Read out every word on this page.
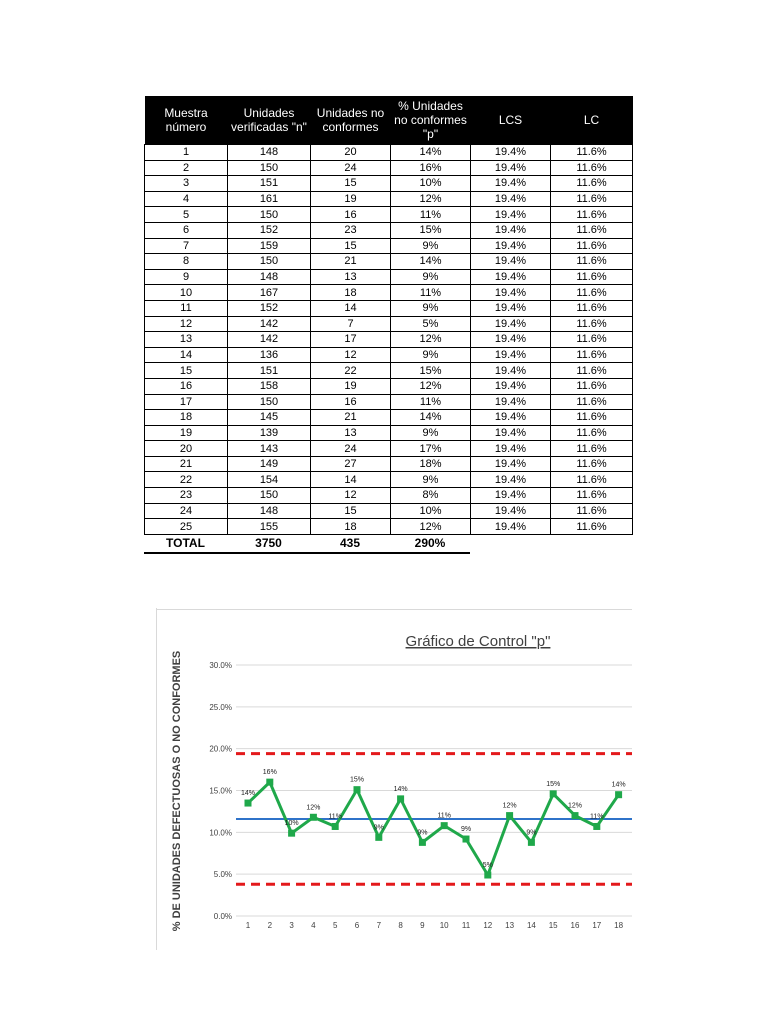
Muestra número	Unidades verificadas "n"	Unidades no conformes	% Unidades no conformes "p"	LCS	LC
1	148	20	14%	19.4%	11.6%
2	150	24	16%	19.4%	11.6%
3	151	15	10%	19.4%	11.6%
4	161	19	12%	19.4%	11.6%
5	150	16	11%	19.4%	11.6%
6	152	23	15%	19.4%	11.6%
7	159	15	9%	19.4%	11.6%
8	150	21	14%	19.4%	11.6%
9	148	13	9%	19.4%	11.6%
10	167	18	11%	19.4%	11.6%
11	152	14	9%	19.4%	11.6%
12	142	7	5%	19.4%	11.6%
13	142	17	12%	19.4%	11.6%
14	136	12	9%	19.4%	11.6%
15	151	22	15%	19.4%	11.6%
16	158	19	12%	19.4%	11.6%
17	150	16	11%	19.4%	11.6%
18	145	21	14%	19.4%	11.6%
19	139	13	9%	19.4%	11.6%
20	143	24	17%	19.4%	11.6%
21	149	27	18%	19.4%	11.6%
22	154	14	9%	19.4%	11.6%
23	150	12	8%	19.4%	11.6%
24	148	15	10%	19.4%	11.6%
25	155	18	12%	19.4%	11.6%
TOTAL	3750	435	290%
Gráfico de Control "p"
% DE UNIDADES DEFECTUOSAS O NO CONFORMES	0.0%
5.0%
10.0%
15.0%
20.0%
25.0%
30.0%
14%
16%
10%
12%
11%
15%
9%
14%
9%
11%
9%
5%
12%
9%
15%
12%
11%
14%
1 2 3 4 5 6 7 8 9 10 11 12 13 14 15 16 17 18
